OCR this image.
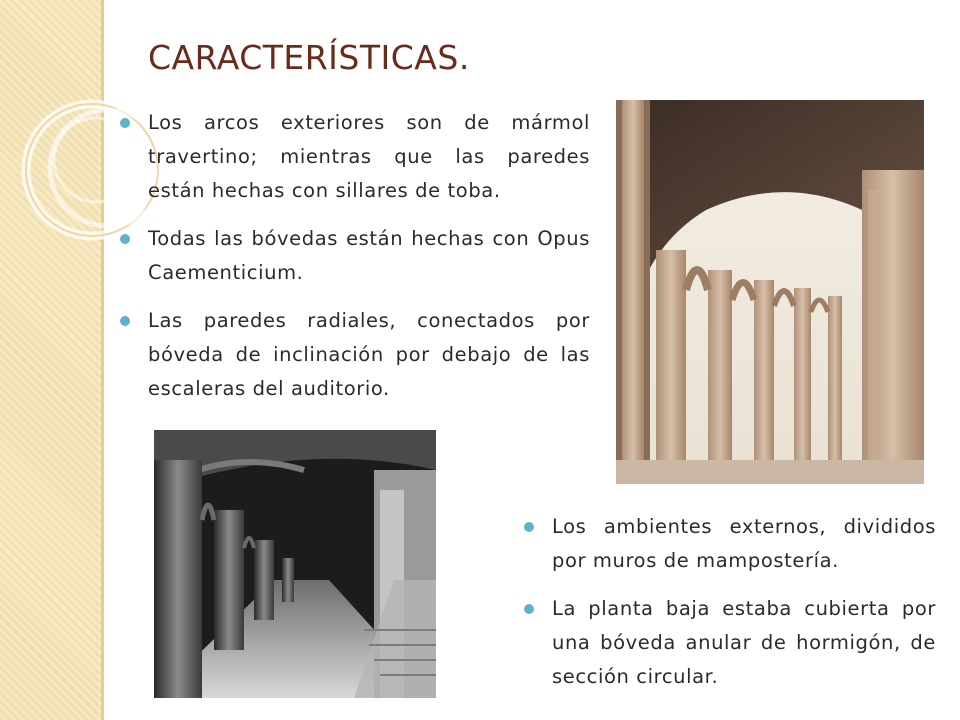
CARACTERÍSTICAS.
Los arcos exteriores son de mármol travertino; mientras que las paredes están hechas con sillares de toba.
Todas las bóvedas están hechas con Opus Caementicium.
Las paredes radiales, conectados por bóveda de inclinación por debajo de las escaleras del auditorio.
Los ambientes externos, divididos por muros de mampostería.
La planta baja estaba cubierta por una bóveda anular de hormigón, de sección circular.
